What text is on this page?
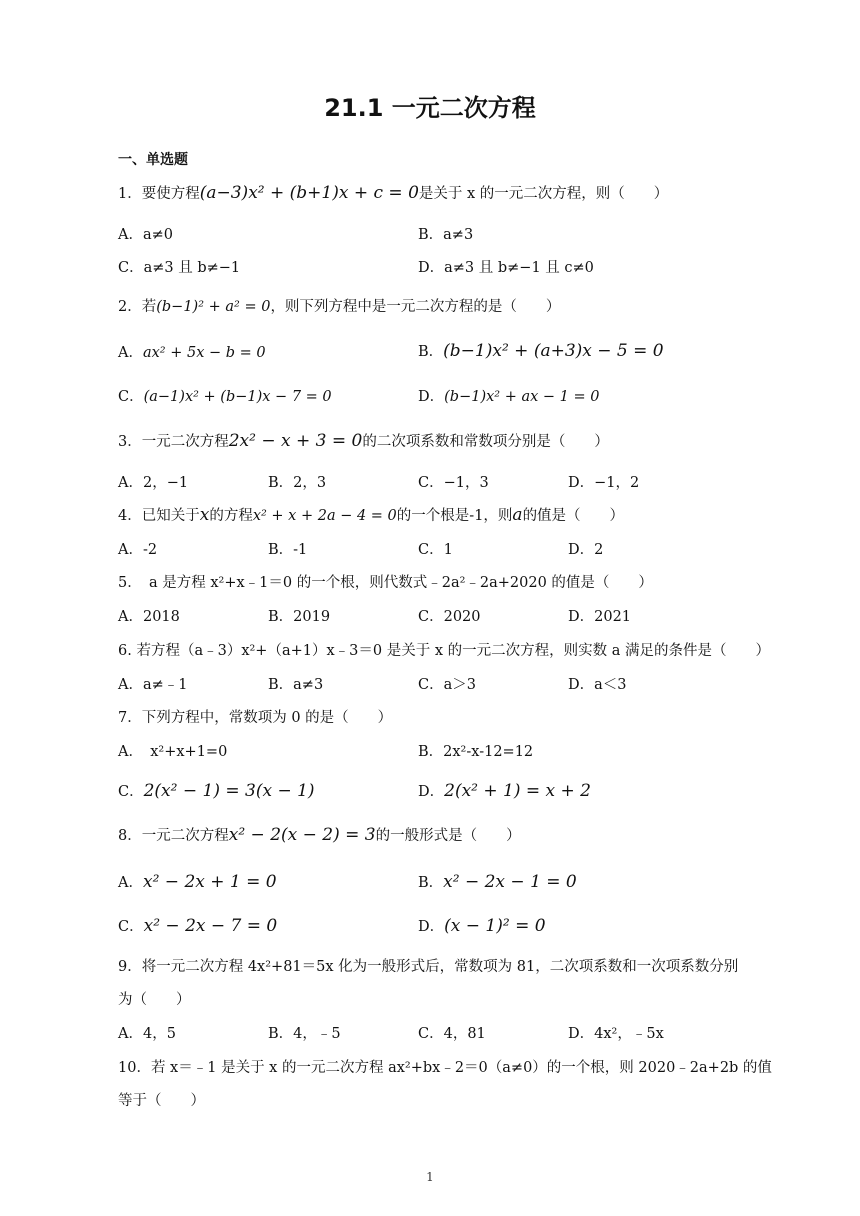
21.1 一元二次方程
一、单选题
1．要使方程(a−3)x² + (b+1)x + c = 0是关于 x 的一元二次方程，则（　　）
A．a≠0	B．a≠3
C．a≠3 且 b≠−1	D．a≠3 且 b≠−1 且 c≠0
2．若(b−1)² + a² = 0，则下列方程中是一元二次方程的是（　　）
A．ax² + 5x − b = 0	B．(b−1)x² + (a+3)x − 5 = 0
C．(a−1)x² + (b−1)x − 7 = 0	D．(b−1)x² + ax − 1 = 0
3．一元二次方程2x² − x + 3 = 0的二次项系数和常数项分别是（　　）
A．2，−1	B．2，3	C．−1，3	D．−1，2
4．已知关于x的方程x² + x + 2a − 4 = 0的一个根是-1，则a的值是（　　）
A．-2	B．-1	C．1	D．2
5．　a 是方程 x²+x﹣1＝0 的一个根，则代数式﹣2a²﹣2a+2020 的值是（　　）
A．2018	B．2019	C．2020	D．2021
6. 若方程（a﹣3）x²+（a+1）x﹣3＝0 是关于 x 的一元二次方程，则实数 a 满足的条件是（　　）
A．a≠﹣1	B．a≠3	C．a＞3	D．a＜3
7．下列方程中，常数项为 0 的是（　　）
A．　x²+x+1=0	B．2x²-x-12=12
C．2(x² − 1) = 3(x − 1)	D．2(x² + 1) = x + 2
8．一元二次方程x² − 2(x − 2) = 3的一般形式是（　　）
A．x² − 2x + 1 = 0	B．x² − 2x − 1 = 0
C．x² − 2x − 7 = 0	D．(x − 1)² = 0
9．将一元二次方程 4x²+81＝5x 化为一般形式后，常数项为 81，二次项系数和一次项系数分别
为（　　）
A．4，5	B．4，﹣5	C．4，81	D．4x²，﹣5x
10．若 x＝﹣1 是关于 x 的一元二次方程 ax²+bx﹣2＝0（a≠0）的一个根，则 2020﹣2a+2b 的值
等于（　　）
1
